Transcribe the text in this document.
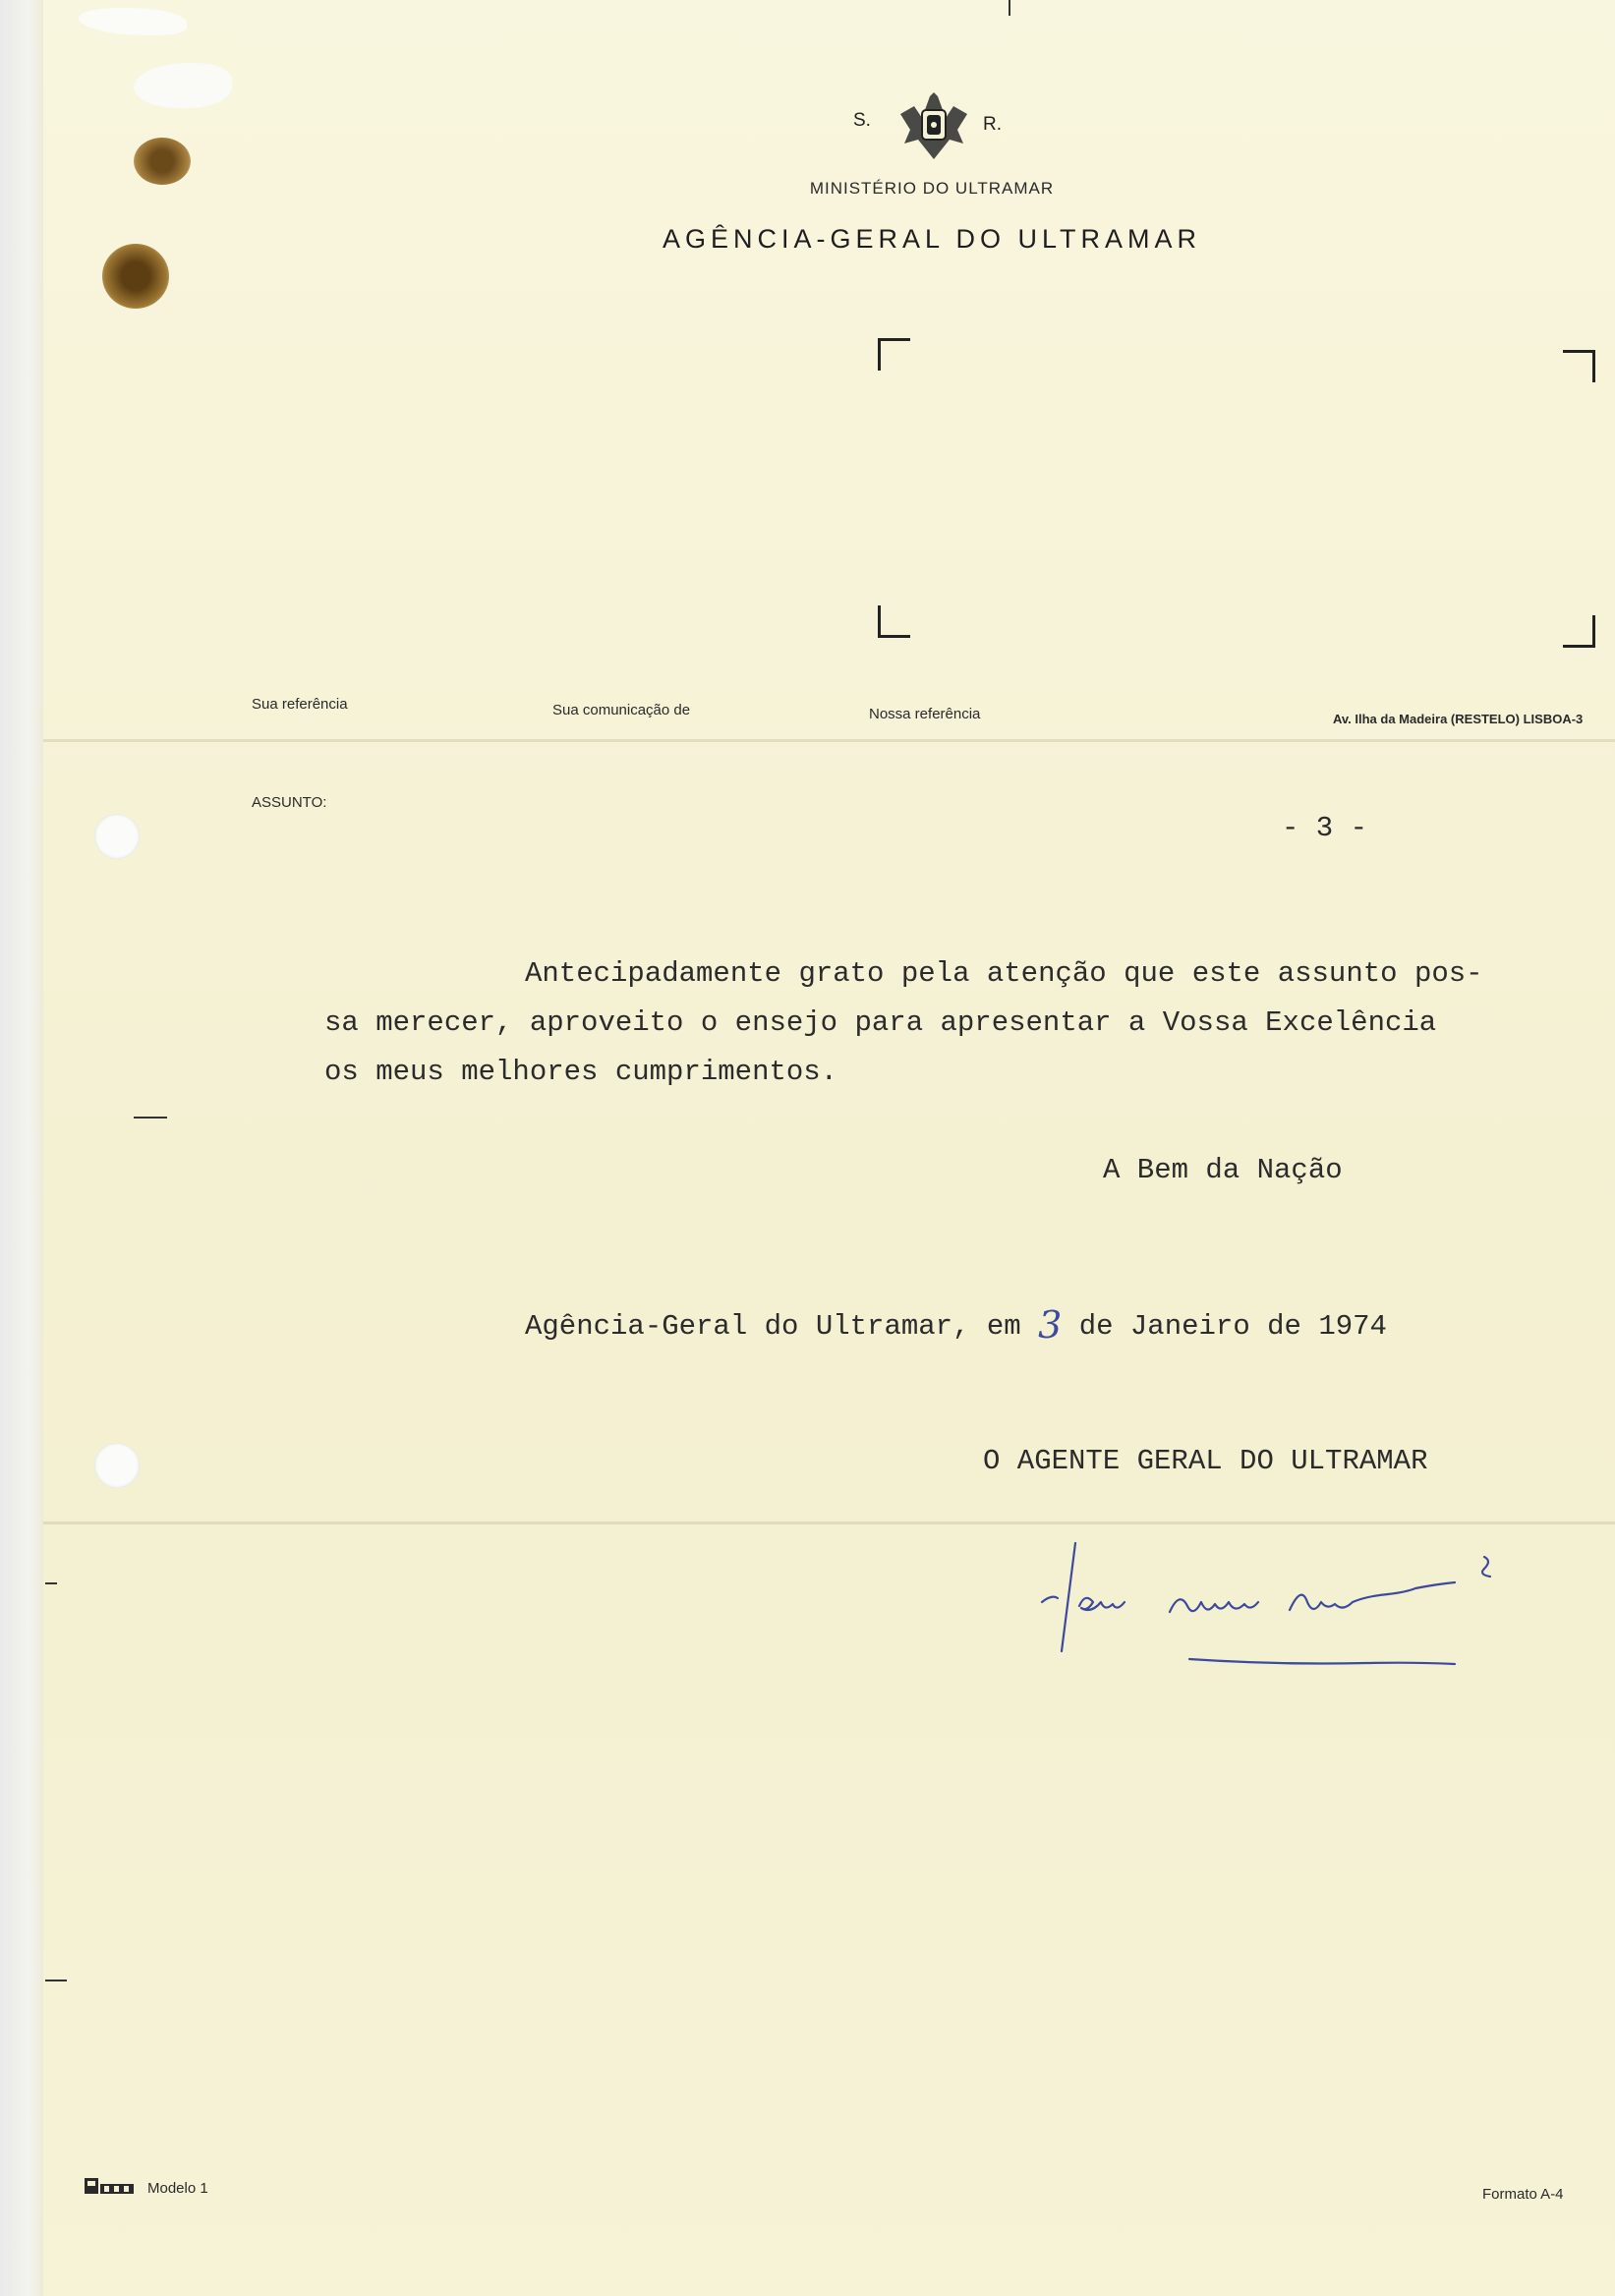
S.	R.
MINISTÉRIO DO ULTRAMAR
AGÊNCIA-GERAL DO ULTRAMAR
Sua referência	Sua comunicação de	Nossa referência	Av. Ilha da Madeira (RESTELO) LISBOA-3
ASSUNTO:
- 3 -
Antecipadamente grato pela atenção que este assunto pos-
sa merecer, aproveito o ensejo para apresentar a Vossa Excelência
os meus melhores cumprimentos.
A Bem da Nação
Agência-Geral do Ultramar, em 3 de Janeiro de 1974
O AGENTE GERAL DO ULTRAMAR
Modelo 1	Formato A-4
